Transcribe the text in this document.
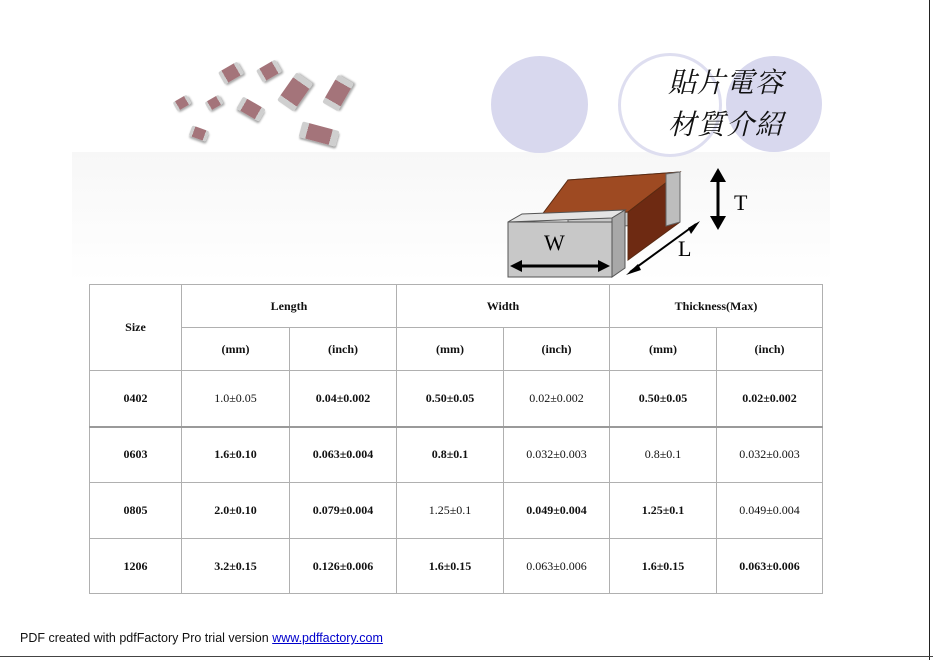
貼片電容
材質介紹
W	L
T
Size	Length		Width		Thickness(Max)	
	(mm)	(inch)	(mm)	(inch)	(mm)	(inch)
0402	1.0±0.05	0.04±0.002	0.50±0.05	0.02±0.002	0.50±0.05	0.02±0.002
0603	1.6±0.10	0.063±0.004	0.8±0.1	0.032±0.003	0.8±0.1	0.032±0.003
0805	2.0±0.10	0.079±0.004	1.25±0.1	0.049±0.004	1.25±0.1	0.049±0.004
1206	3.2±0.15	0.126±0.006	1.6±0.15	0.063±0.006	1.6±0.15	0.063±0.006
PDF created with pdfFactory Pro trial version www.pdffactory.com
